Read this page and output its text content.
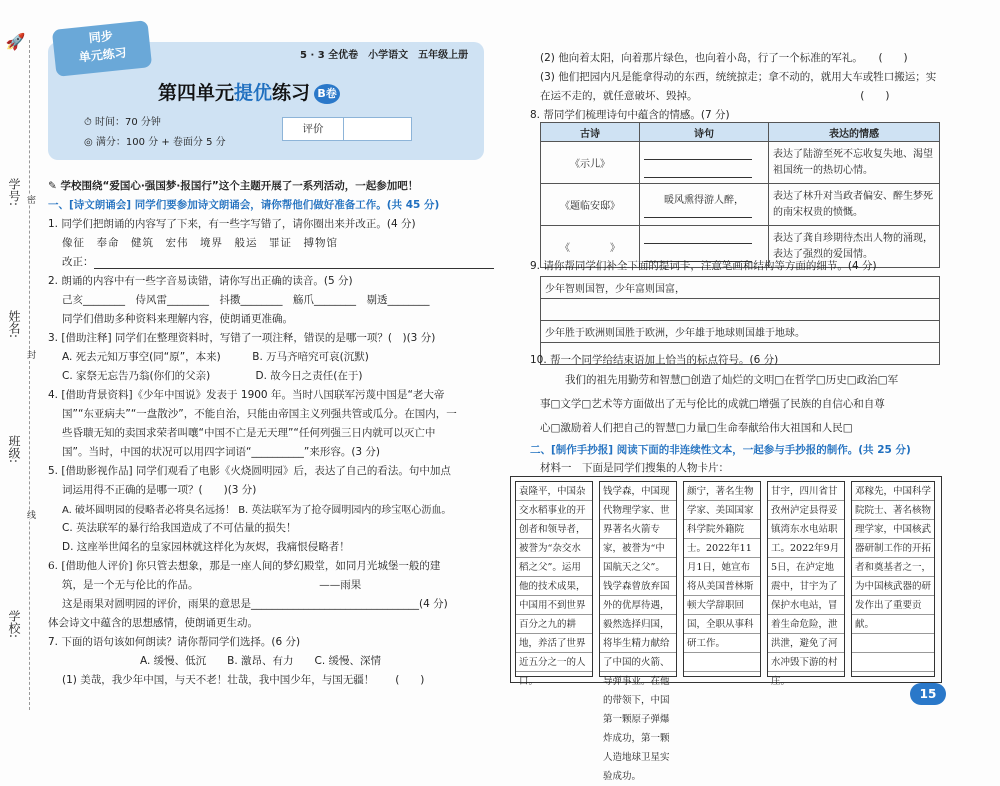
🚀
学号: 密
姓名:
封
班级:
线
学校:
同步
单元练习	5 · 3 全优卷　小学语文　五年级上册
第四单元提优练习 B卷
⏱ 时间：70 分钟
◎ 满分：100 分 + 卷面分 5 分
评价

✎ 学校围绕“爱国心·强国梦·报国行”这个主题开展了一系列活动，一起参加吧！

一、[诗文朗诵会] 同学们要参加诗文朗诵会，请你帮他们做好准备工作。(共 45 分)

1. 同学们把朗诵的内容写了下来，有一些字写错了，请你圈出来并改正。(4 分)

像征　奉命　健筑　宏伟　境界　般运　罪证　搏物馆

改正：

2. 朗诵的内容中有一些字音易读错，请你写出正确的读音。(5 分)

己亥________　侍风雷________　抖擞________　觞爪________　剔透________

同学们借助多种资料来理解内容，使朗诵更准确。

3. [借助注释] 同学们在整理资料时，写错了一项注释，错误的是哪一项？(　)(3 分)

A. 死去元知万事空(同“原”，本来)　　　B. 万马齐喑究可哀(沉默)

C. 家祭无忘告乃翁(你们的父亲)　　　　 D. 故今日之责任(在于)

4. [借助背景资料]《少年中国说》发表于 1900 年。当时八国联军污蔑中国是“老大帝

国”“东亚病夫”“一盘散沙”，不能自治，只能由帝国主义列强共管或瓜分。在国内，一

些昏聩无知的卖国求荣者叫嚷“中国不亡是无天理”“任何列强三日内就可以灭亡中

国”。当时，中国的状况可以用四字词语“__________”来形容。(3 分)

5. [借助影视作品] 同学们观看了电影《火烧圆明园》后，表达了自己的看法。句中加点

词运用得不正确的是哪一项？(　　)(3 分)

A. 破坏圆明园的侵略者必将臭名远扬！ B. 英法联军为了抢夺圆明园内的珍宝呕心沥血。

C. 英法联军的暴行给我国造成了不可估量的损失！

D. 这座举世闻名的皇家园林就这样化为灰烬，我痛恨侵略者！

6. [借助他人评价] 你只管去想象，那是一座人间的梦幻殿堂，如同月光城堡一般的建

筑，是一个无与伦比的作品。　　　　　　　　　　　　——雨果

这是雨果对圆明园的评价，雨果的意思是________________________________(4 分)

体会诗文中蕴含的思想感情，使朗诵更生动。

7. 下面的语句该如何朗读？请你帮同学们选择。(6 分)

A. 缓慢、低沉　　B. 激昂、有力　　C. 缓慢、深情

(1) 美哉，我少年中国，与天不老！壮哉，我中国少年，与国无疆！　　(　　)

(2) 他向着太阳，向着那片绿色，也向着小岛，行了一个标准的军礼。　　(　　)

(3) 他们把园内凡是能拿得动的东西，统统掠走；拿不动的，就用大车或牲口搬运；实

在运不走的，就任意破坏、毁掉。　　　　　　　　　　　　　　　　(　　)

8. 帮同学们梳理诗句中蕴含的情感。(7 分)

古诗	诗句	表达的情感
《示儿》		表达了陆游至死不忘收复失地、渴望祖国统一的热切心情。
《题临安邸》	暖风熏得游人醉，	表达了林升对当政者偏安、醉生梦死的南宋权贵的愤慨。
《　　　　》		表达了龚自珍期待杰出人物的涌现，表达了强烈的爱国情。

9. 请你帮同学们补全下面的提词卡，注意笔画和结构等方面的细节。(4 分)

少年智则国智，少年富则国富，

少年胜于欧洲则国胜于欧洲，少年雄于地球则国雄于地球。

10. 帮一个同学给结束语加上恰当的标点符号。(6 分)

我们的祖先用勤劳和智慧□创造了灿烂的文明□在哲学□历史□政治□军

事□文学□艺术等方面做出了无与伦比的成就□增强了民族的自信心和自尊

心□激励着人们把自己的智慧□力量□生命奉献给伟大祖国和人民□

二、[制作手抄报] 阅读下面的非连续性文本，一起参与手抄报的制作。(共 25 分)

材料一　下面是同学们搜集的人物卡片：

袁隆平，中国杂交水稻事业的开创者和领导者，被誉为“杂交水稻之父”。运用他的技术成果，中国用不到世界百分之九的耕地，养活了世界近五分之一的人口。
钱学森，中国现代物理学家、世界著名火箭专家，被誉为“中国航天之父”。钱学森曾放弃国外的优厚待遇，毅然选择归国，将毕生精力献给了中国的火箭、导弹事业。在他的带领下，中国第一颗原子弹爆炸成功，第一颗人造地球卫星实验成功。
颜宁，著名生物学家、美国国家科学院外籍院士。2022年11月1日，她宣布将从美国普林斯顿大学辞职回国，全职从事科研工作。
甘宇，四川省甘孜州泸定县得妥镇湾东水电站职工。2022年9月5日，在泸定地震中，甘宇为了保护水电站，冒着生命危险，泄洪泄，避免了河水冲毁下游的村庄。
邓稼先，中国科学院院士、著名核物理学家，中国核武器研制工作的开拓者和奠基者之一，为中国核武器的研发作出了重要贡献。
15
